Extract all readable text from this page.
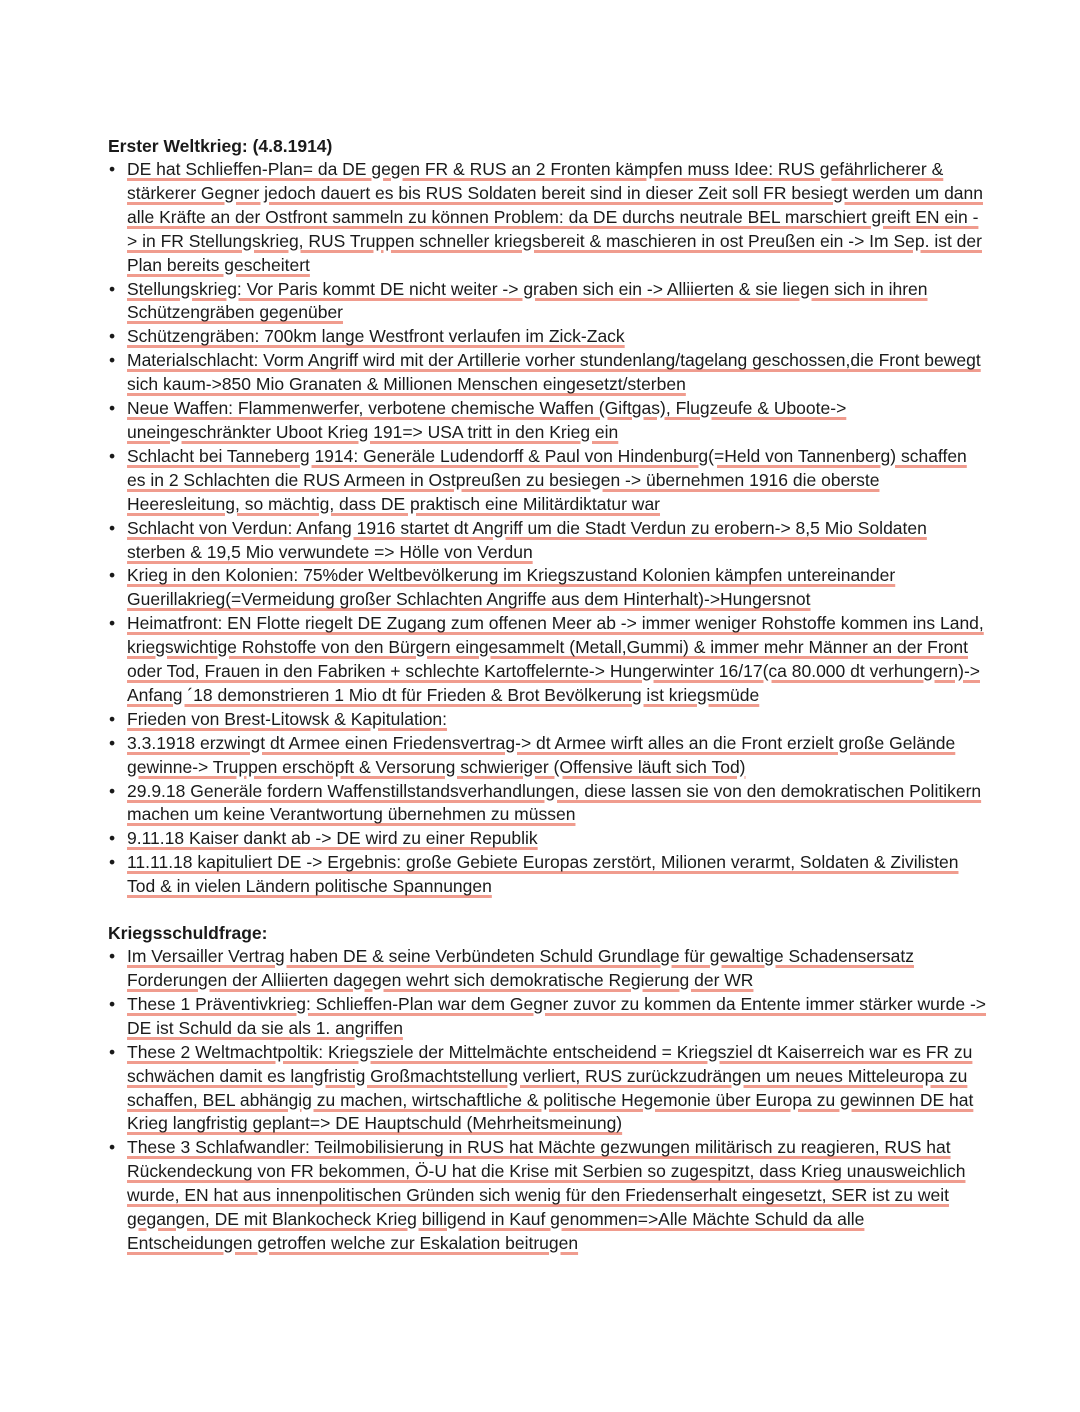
Erster Weltkrieg: (4.8.1914)
• DE hat Schlieffen-Plan= da DE gegen FR & RUS an 2 Fronten kämpfen muss Idee: RUS gefährlicherer & stärkerer Gegner jedoch dauert es bis RUS Soldaten bereit sind in dieser Zeit soll FR besiegt werden um dann alle Kräfte an der Ostfront sammeln zu können Problem: da DE durchs neutrale BEL marschiert greift EN ein -> in FR Stellungskrieg, RUS Truppen schneller kriegsbereit & maschieren in ost Preußen ein -> Im Sep. ist der Plan bereits gescheitert
• Stellungskrieg: Vor Paris kommt DE nicht weiter -> graben sich ein -> Alliierten & sie liegen sich in ihren Schützengräben gegenüber
• Schützengräben: 700km lange Westfront verlaufen im Zick-Zack
• Materialschlacht: Vorm Angriff wird mit der Artillerie vorher stundenlang/tagelang geschossen,die Front bewegt sich kaum->850 Mio Granaten & Millionen Menschen eingesetzt/sterben
• Neue Waffen: Flammenwerfer, verbotene chemische Waffen (Giftgas), Flugzeufe & Uboote-> uneingeschränkter Uboot Krieg 191=> USA tritt in den Krieg ein
• Schlacht bei Tanneberg 1914: Generäle Ludendorff & Paul von Hindenburg(=Held von Tannenberg) schaffen es in 2 Schlachten die RUS Armeen in Ostpreußen zu besiegen -> übernehmen 1916 die oberste Heeresleitung, so mächtig, dass DE praktisch eine Militärdiktatur war
• Schlacht von Verdun: Anfang 1916 startet dt Angriff um die Stadt Verdun zu erobern-> 8,5 Mio Soldaten sterben & 19,5 Mio verwundete => Hölle von Verdun
• Krieg in den Kolonien: 75%der Weltbevölkerung im Kriegszustand Kolonien kämpfen untereinander Guerillakrieg(=Vermeidung großer Schlachten Angriffe aus dem Hinterhalt)->Hungersnot
• Heimatfront: EN Flotte riegelt DE Zugang zum offenen Meer ab -> immer weniger Rohstoffe kommen ins Land, kriegswichtige Rohstoffe von den Bürgern eingesammelt (Metall,Gummi) & immer mehr Männer an der Front oder Tod, Frauen in den Fabriken + schlechte Kartoffelernte-> Hungerwinter 16/17(ca 80.000 dt verhungern)-> Anfang ´18 demonstrieren 1 Mio dt für Frieden & Brot Bevölkerung ist kriegsmüde
• Frieden von Brest-Litowsk & Kapitulation:
• 3.3.1918 erzwingt dt Armee einen Friedensvertrag-> dt Armee wirft alles an die Front erzielt große Gelände gewinne-> Truppen erschöpft & Versorung schwieriger (Offensive läuft sich Tod)
• 29.9.18 Generäle fordern Waffenstillstandsverhandlungen, diese lassen sie von den demokratischen Politikern machen um keine Verantwortung übernehmen zu müssen
• 9.11.18 Kaiser dankt ab -> DE wird zu einer Republik
• 11.11.18 kapituliert DE -> Ergebnis: große Gebiete Europas zerstört, Milionen verarmt, Soldaten & Zivilisten Tod & in vielen Ländern politische Spannungen
Kriegsschuldfrage:
• Im Versailler Vertrag haben DE & seine Verbündeten Schuld Grundlage für gewaltige Schadensersatz Forderungen der Alliierten dagegen wehrt sich demokratische Regierung der WR
• These 1 Präventivkrieg: Schlieffen-Plan war dem Gegner zuvor zu kommen da Entente immer stärker wurde -> DE ist Schuld da sie als 1. angriffen
• These 2 Weltmachtpoltik: Kriegsziele der Mittelmächte entscheidend = Kriegsziel dt Kaiserreich war es FR zu schwächen damit es langfristig Großmachtstellung verliert, RUS zurückzudrängen um neues Mitteleuropa zu schaffen, BEL abhängig zu machen, wirtschaftliche & politische Hegemonie über Europa zu gewinnen DE hat Krieg langfristig geplant=> DE Hauptschuld (Mehrheitsmeinung)
• These 3 Schlafwandler: Teilmobilisierung in RUS hat Mächte gezwungen militärisch zu reagieren, RUS hat Rückendeckung von FR bekommen, Ö-U hat die Krise mit Serbien so zugespitzt, dass Krieg unausweichlich wurde, EN hat aus innenpolitischen Gründen sich wenig für den Friedenserhalt eingesetzt, SER ist zu weit gegangen, DE mit Blankocheck Krieg billigend in Kauf genommen=>Alle Mächte Schuld da alle Entscheidungen getroffen welche zur Eskalation beitrugen
